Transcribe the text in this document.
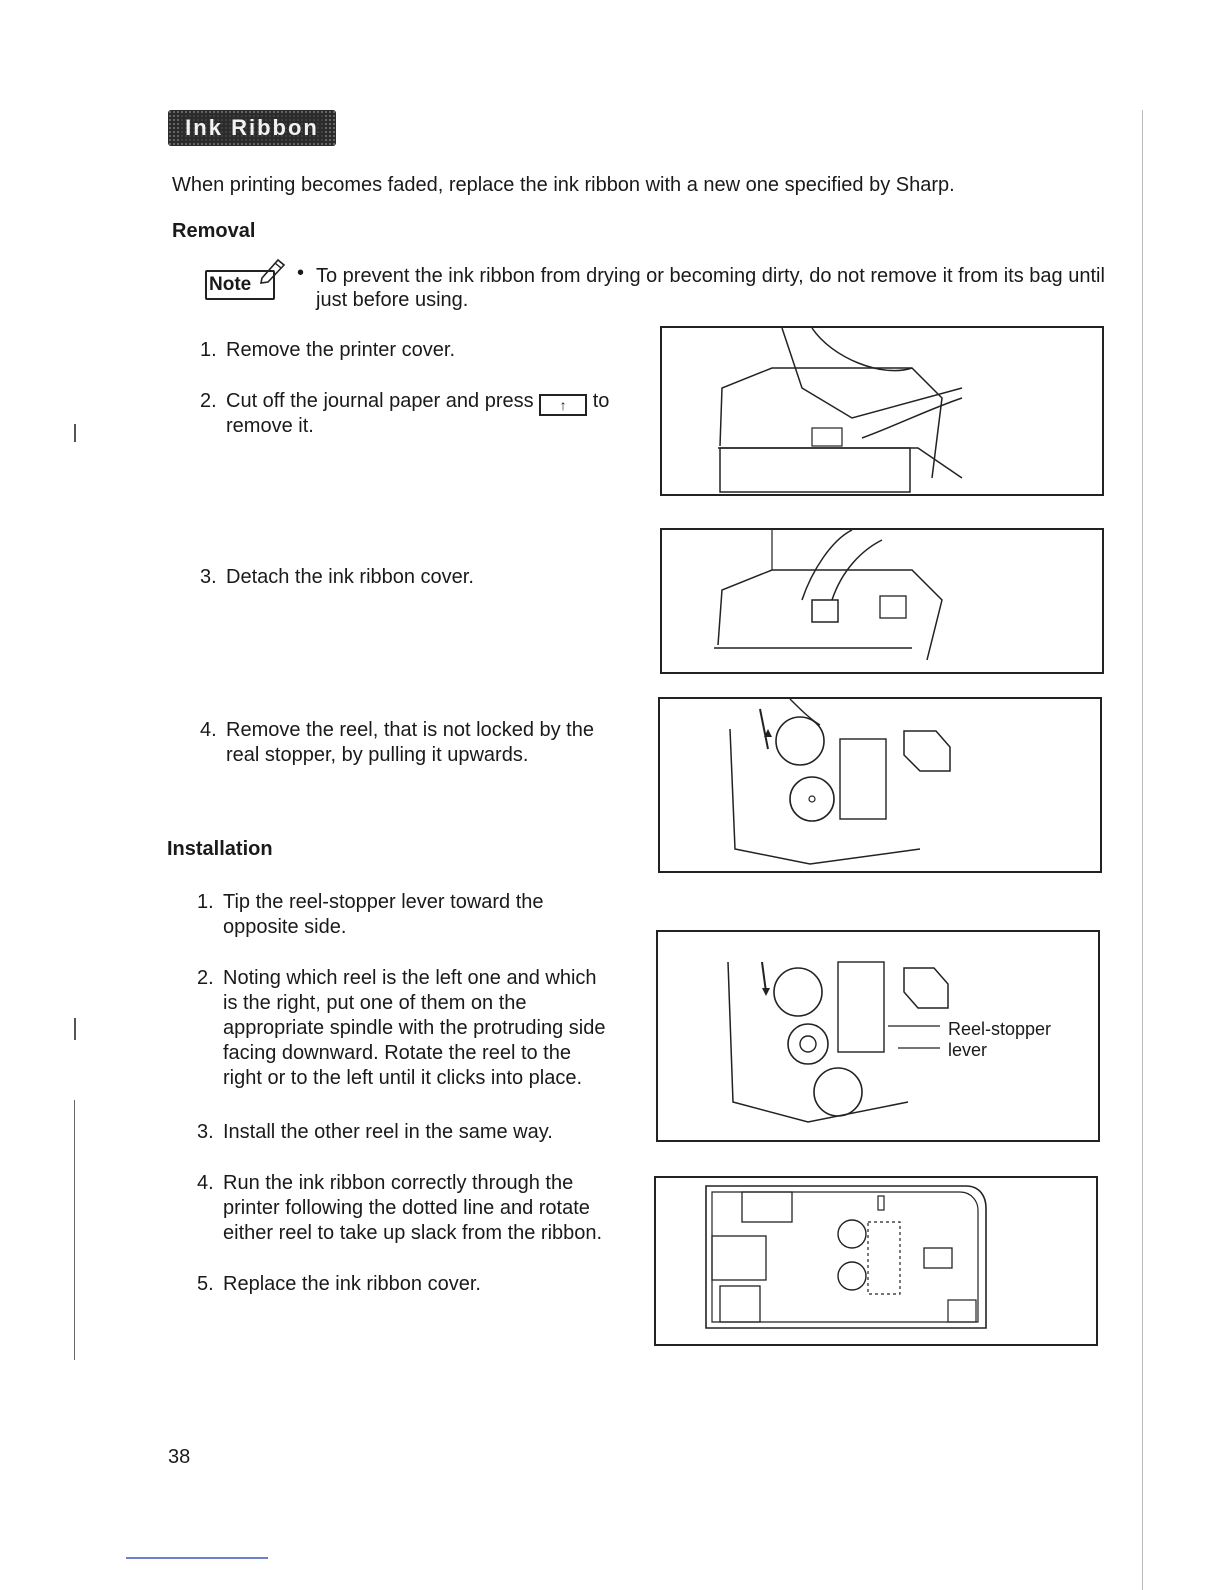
Ink Ribbon
When printing becomes faded, replace the ink ribbon with a new one specified by Sharp.
Removal
Note
• To prevent the ink ribbon from drying or becoming dirty, do not remove it from its bag until just before using.
1. Remove the printer cover.
2. Cut off the journal paper and press ↑ to
remove it.
3. Detach the ink ribbon cover.
4. Remove the reel, that is not locked by the
real stopper, by pulling it upwards.
Installation
1. Tip the reel-stopper lever toward the
opposite side.
2. Noting which reel is the left one and which
is the right, put one of them on the
appropriate spindle with the protruding side
facing downward. Rotate the reel to the
right or to the left until it clicks into place.
3. Install the other reel in the same way.
4. Run the ink ribbon correctly through the
printer following the dotted line and rotate
either reel to take up slack from the ribbon.
5. Replace the ink ribbon cover.
Reel-stopper
lever
38
